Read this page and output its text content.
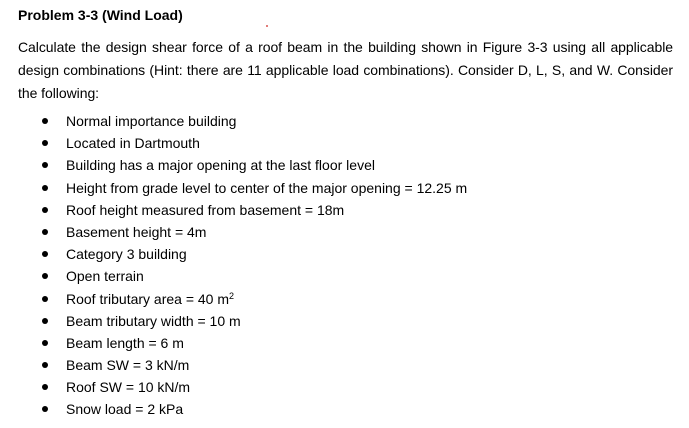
Problem 3-3 (Wind Load)
Calculate the design shear force of a roof beam in the building shown in Figure 3-3 using all applicable design combinations (Hint: there are 11 applicable load combinations). Consider D, L, S, and W. Consider the following:
Normal importance building
Located in Dartmouth
Building has a major opening at the last floor level
Height from grade level to center of the major opening = 12.25 m
Roof height measured from basement = 18m
Basement height = 4m
Category 3 building
Open terrain
Roof tributary area = 40 $m^2$
Beam tributary width = 10 m
Beam length = 6 m
Beam SW = 3 kN/m
Roof SW = 10 kN/m
Snow load = 2 kPa
